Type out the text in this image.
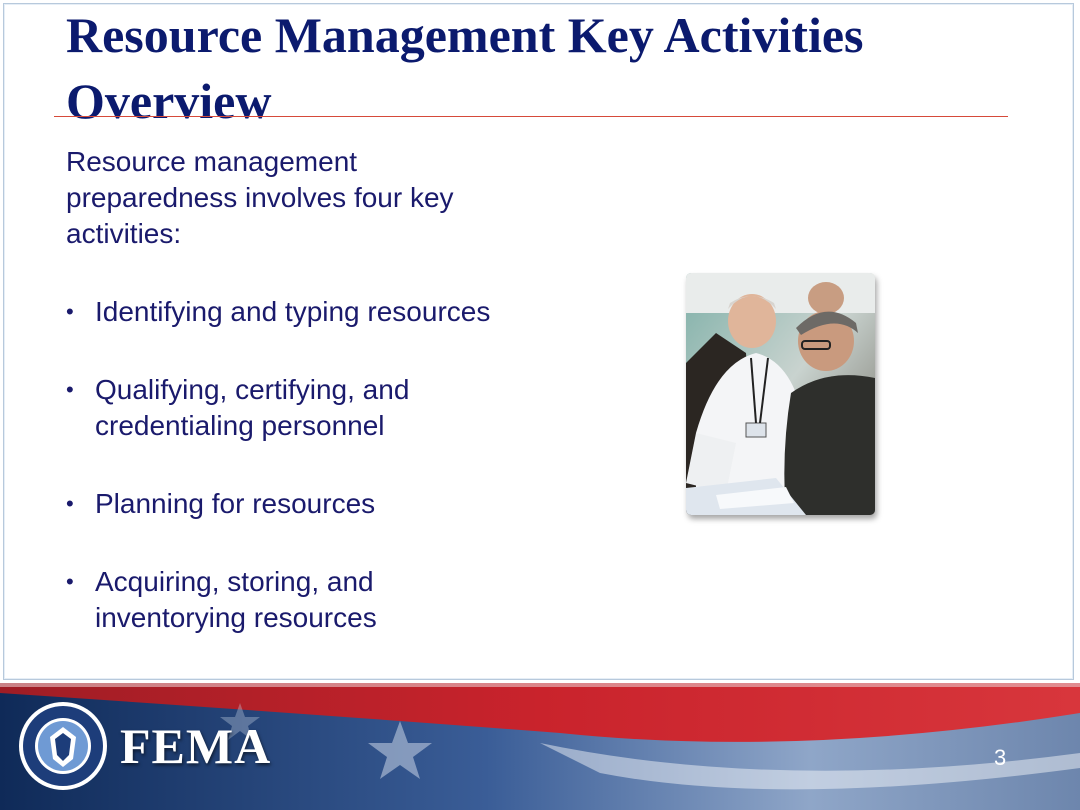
Resource Management Key Activities Overview
Resource management preparedness involves four key activities:
• Identifying and typing resources
• Qualifying, certifying, and credentialing personnel
• Planning for resources
• Acquiring, storing, and inventorying resources
FEMA	3
